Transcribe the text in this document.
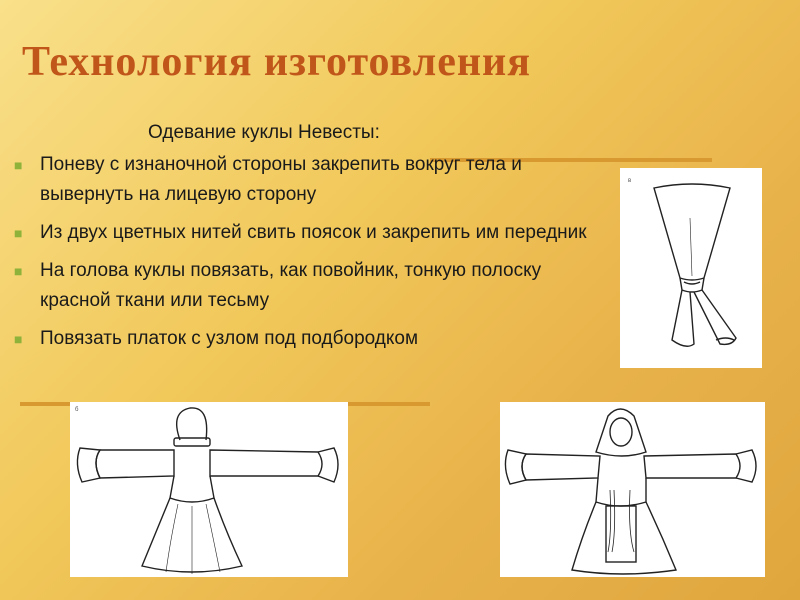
Технология изготовления
Одевание куклы Невесты:
■ Поневу с изнаночной стороны закрепить вокруг тела и вывернуть на лицевую сторону
■ Из двух цветных нитей свить поясок и закрепить им передник
■ На голова куклы повязать, как повойник, тонкую полоску красной ткани или тесьму
■ Повязать платок с узлом под подбородком
в
б
